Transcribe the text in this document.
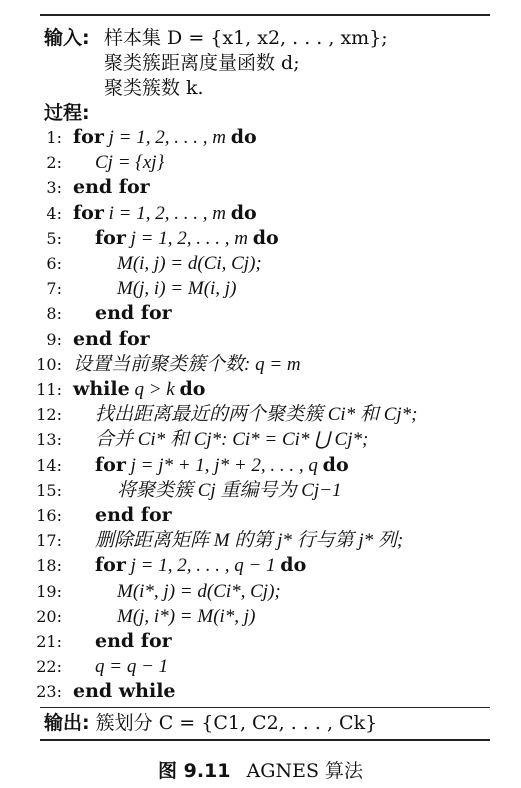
输入: 样本集 D = {x1, x2, . . . , xm};
聚类簇距离度量函数 d;
聚类簇数 k.
过程:
1: for j = 1, 2, . . . , m do
2: Cj = {xj}
3: end for
4: for i = 1, 2, . . . , m do
5: for j = 1, 2, . . . , m do
6:	M(i, j) = d(Ci, Cj);
7:	M(j, i) = M(i, j)
8: end for
9: end for
10: 设置当前聚类簇个数: q = m
11: while q > k do
12: 找出距离最近的两个聚类簇 Ci* 和 Cj*;
13: 合并 Ci* 和 Cj*: Ci* = Ci* ⋃ Cj*;
14: for j = j* + 1, j* + 2, . . . , q do
15:	将聚类簇 Cj 重编号为 Cj−1
16: end for
17: 删除距离矩阵 M 的第 j* 行与第 j* 列;
18: for j = 1, 2, . . . , q − 1 do
19:	M(i*, j) = d(Ci*, Cj);
20:	M(j, i*) = M(i*, j)
21: end for
22: q = q − 1
23: end while
输出: 簇划分 C = {C1, C2, . . . , Ck}
图 9.11 AGNES 算法
